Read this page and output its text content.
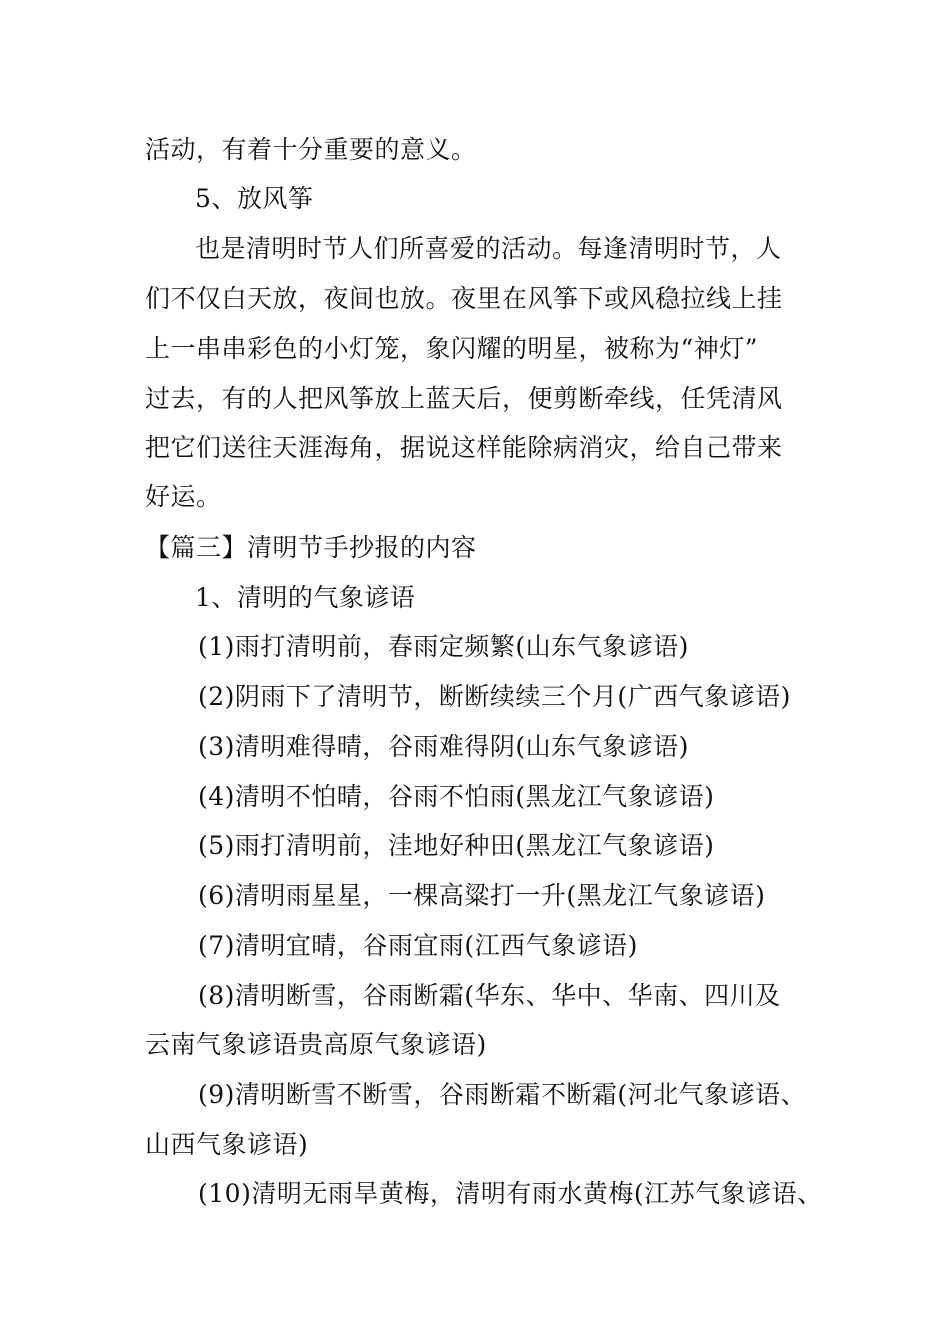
活动，有着十分重要的意义。
5、放风筝
也是清明时节人们所喜爱的活动。每逢清明时节，人
们不仅白天放，夜间也放。夜里在风筝下或风稳拉线上挂
上一串串彩色的小灯笼，象闪耀的明星，被称为“神灯”
过去，有的人把风筝放上蓝天后，便剪断牵线，任凭清风
把它们送往天涯海角，据说这样能除病消灾，给自己带来
好运。
【篇三】清明节手抄报的内容
1、清明的气象谚语
(1)雨打清明前，春雨定频繁(山东气象谚语)
(2)阴雨下了清明节，断断续续三个月(广西气象谚语)
(3)清明难得晴，谷雨难得阴(山东气象谚语)
(4)清明不怕晴，谷雨不怕雨(黑龙江气象谚语)
(5)雨打清明前，洼地好种田(黑龙江气象谚语)
(6)清明雨星星，一棵高粱打一升(黑龙江气象谚语)
(7)清明宜晴，谷雨宜雨(江西气象谚语)
(8)清明断雪，谷雨断霜(华东、华中、华南、四川及
云南气象谚语贵高原气象谚语)
(9)清明断雪不断雪，谷雨断霜不断霜(河北气象谚语、
山西气象谚语)
(10)清明无雨旱黄梅，清明有雨水黄梅(江苏气象谚语、
